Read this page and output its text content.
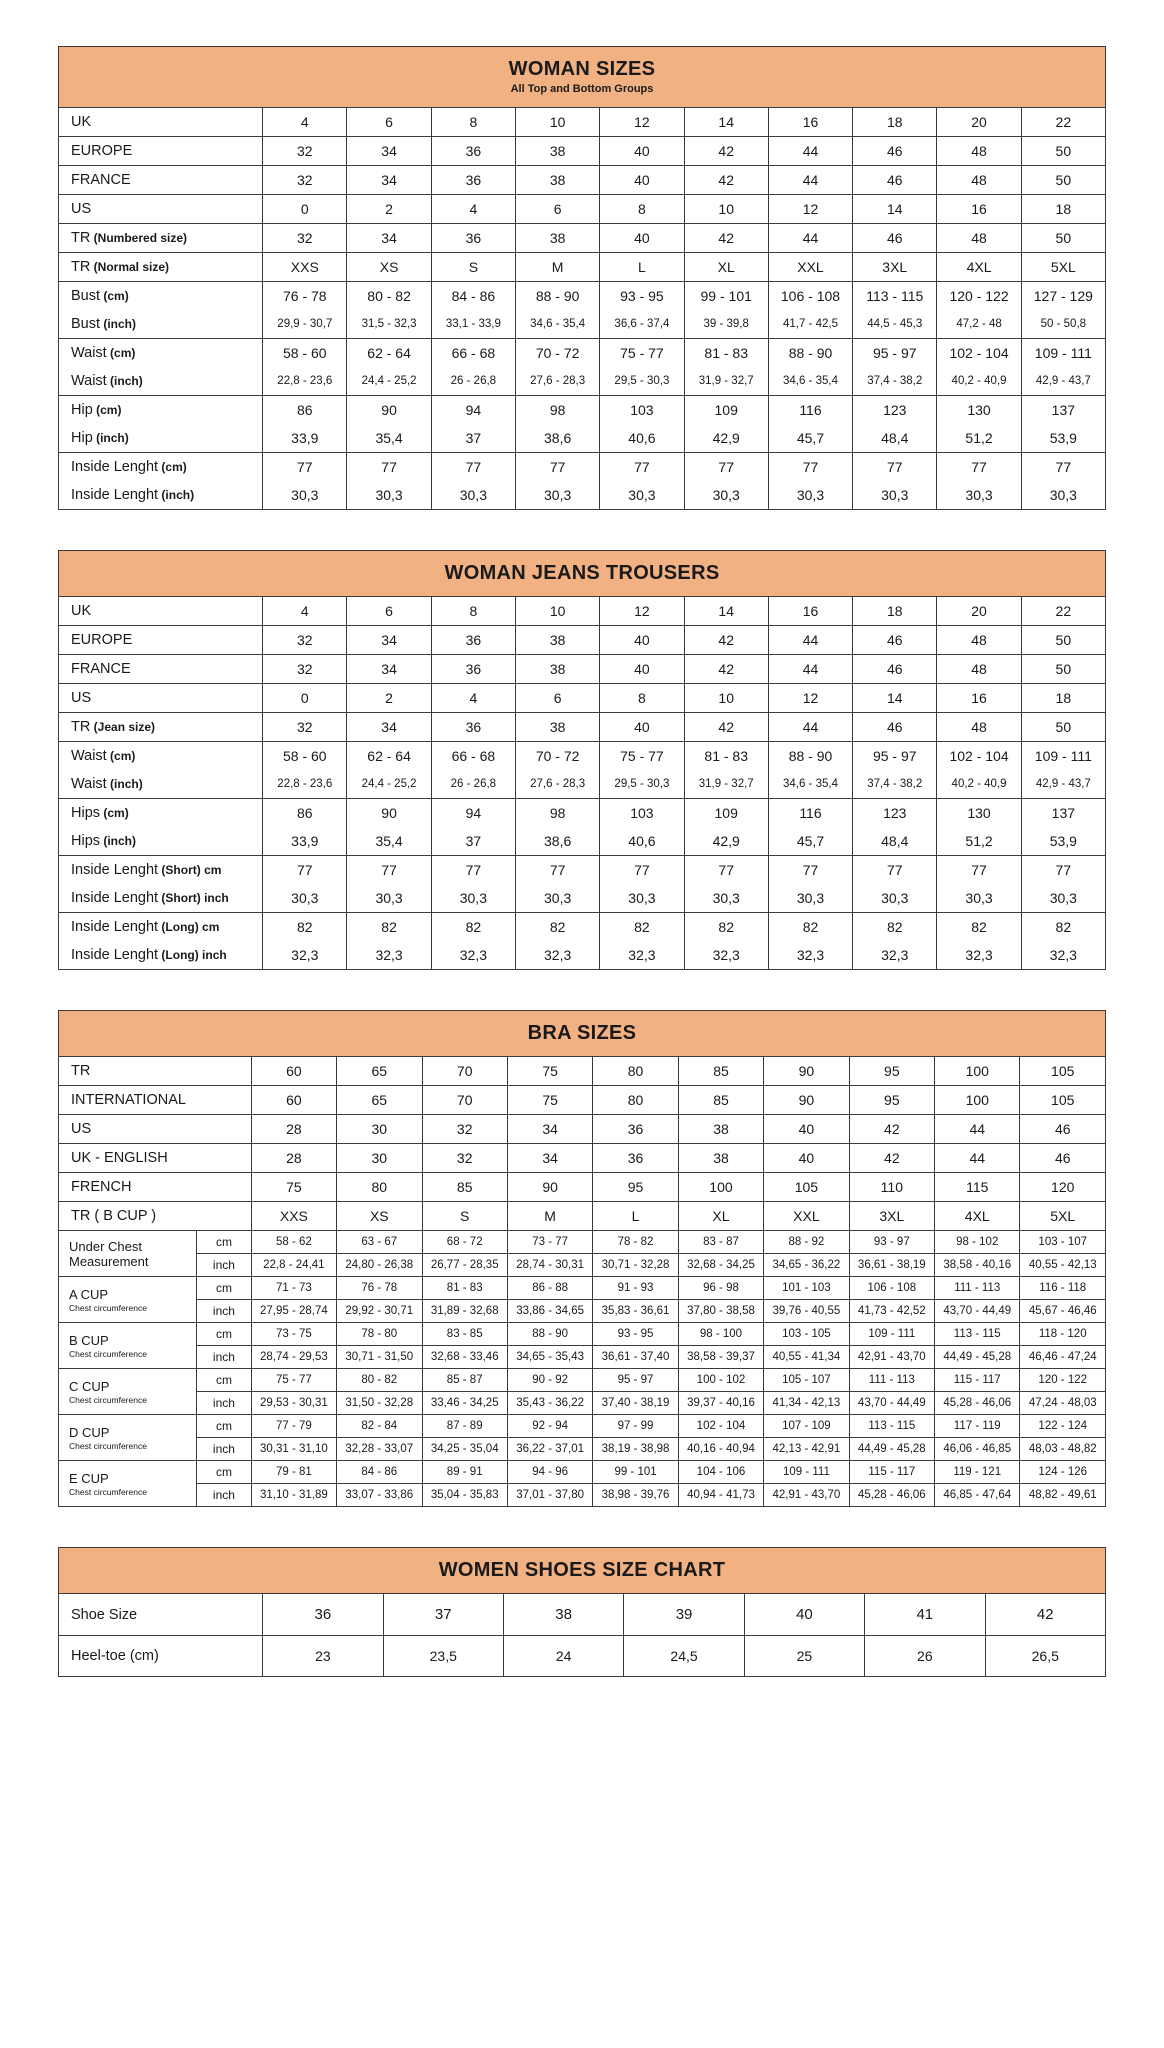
WOMAN SIZES
All Top and Bottom Groups										

UK	4	6	8	10	12	14	16	18	20	22
EUROPE	32	34	36	38	40	42	44	46	48	50
FRANCE	32	34	36	38	40	42	44	46	48	50
US	0	2	4	6	8	10	12	14	16	18
TR (Numbered size)	32	34	36	38	40	42	44	46	48	50
TR (Normal size)	XXS	XS	S	M	L	XL	XXL	3XL	4XL	5XL
Bust (cm)	76 - 78	80 - 82	84 - 86	88 - 90	93 - 95	99 - 101	106 - 108	113 - 115	120 - 122	127 - 129
Bust (inch)	29,9 - 30,7	31,5 - 32,3	33,1 - 33,9	34,6 - 35,4	36,6 - 37,4	39 - 39,8	41,7 - 42,5	44,5 - 45,3	47,2 - 48	50 - 50,8
Waist (cm)	58 - 60	62 - 64	66 - 68	70 - 72	75 - 77	81 - 83	88 - 90	95 - 97	102 - 104	109 - 111
Waist (inch)	22,8 - 23,6	24,4 - 25,2	26 - 26,8	27,6 - 28,3	29,5 - 30,3	31,9 - 32,7	34,6 - 35,4	37,4 - 38,2	40,2 - 40,9	42,9 - 43,7
Hip (cm)	86	90	94	98	103	109	116	123	130	137
Hip (inch)	33,9	35,4	37	38,6	40,6	42,9	45,7	48,4	51,2	53,9
Inside Lenght (cm)	77	77	77	77	77	77	77	77	77	77
Inside Lenght (inch)	30,3	30,3	30,3	30,3	30,3	30,3	30,3	30,3	30,3	30,3
WOMAN JEANS TROUSERS										

UK	4	6	8	10	12	14	16	18	20	22
EUROPE	32	34	36	38	40	42	44	46	48	50
FRANCE	32	34	36	38	40	42	44	46	48	50
US	0	2	4	6	8	10	12	14	16	18
TR (Jean size)	32	34	36	38	40	42	44	46	48	50
Waist (cm)	58 - 60	62 - 64	66 - 68	70 - 72	75 - 77	81 - 83	88 - 90	95 - 97	102 - 104	109 - 111
Waist (inch)	22,8 - 23,6	24,4 - 25,2	26 - 26,8	27,6 - 28,3	29,5 - 30,3	31,9 - 32,7	34,6 - 35,4	37,4 - 38,2	40,2 - 40,9	42,9 - 43,7
Hips (cm)	86	90	94	98	103	109	116	123	130	137
Hips (inch)	33,9	35,4	37	38,6	40,6	42,9	45,7	48,4	51,2	53,9
Inside Lenght (Short) cm	77	77	77	77	77	77	77	77	77	77
Inside Lenght (Short) inch	30,3	30,3	30,3	30,3	30,3	30,3	30,3	30,3	30,3	30,3
Inside Lenght (Long) cm	82	82	82	82	82	82	82	82	82	82
Inside Lenght (Long) inch	32,3	32,3	32,3	32,3	32,3	32,3	32,3	32,3	32,3	32,3
BRA SIZES											

TR		60	65	70	75	80	85	90	95	100	105
INTERNATIONAL		60	65	70	75	80	85	90	95	100	105
US		28	30	32	34	36	38	40	42	44	46
UK - ENGLISH		28	30	32	34	36	38	40	42	44	46
FRENCH		75	80	85	90	95	100	105	110	115	120
TR ( B CUP )		XXS	XS	S	M	L	XL	XXL	3XL	4XL	5XL
Under Chest
Measurement	cm	58 - 62	63 - 67	68 - 72	73 - 77	78 - 82	83 - 87	88 - 92	93 - 97	98 - 102	103 - 107
	inch	22,8 - 24,41	24,80 - 26,38	26,77 - 28,35	28,74 - 30,31	30,71 - 32,28	32,68 - 34,25	34,65 - 36,22	36,61 - 38,19	38,58 - 40,16	40,55 - 42,13
A CUP
Chest circumference	cm	71 - 73	76 - 78	81 - 83	86 - 88	91 - 93	96 - 98	101 - 103	106 - 108	111 - 113	116 - 118
	inch	27,95 - 28,74	29,92 - 30,71	31,89 - 32,68	33,86 - 34,65	35,83 - 36,61	37,80 - 38,58	39,76 - 40,55	41,73 - 42,52	43,70 - 44,49	45,67 - 46,46
B CUP
Chest circumference	cm	73 - 75	78 - 80	83 - 85	88 - 90	93 - 95	98 - 100	103 - 105	109 - 111	113 - 115	118 - 120
	inch	28,74 - 29,53	30,71 - 31,50	32,68 - 33,46	34,65 - 35,43	36,61 - 37,40	38,58 - 39,37	40,55 - 41,34	42,91 - 43,70	44,49 - 45,28	46,46 - 47,24
C CUP
Chest circumference	cm	75 - 77	80 - 82	85 - 87	90 - 92	95 - 97	100 - 102	105 - 107	111 - 113	115 - 117	120 - 122
	inch	29,53 - 30,31	31,50 - 32,28	33,46 - 34,25	35,43 - 36,22	37,40 - 38,19	39,37 - 40,16	41,34 - 42,13	43,70 - 44,49	45,28 - 46,06	47,24 - 48,03
D CUP
Chest circumference	cm	77 - 79	82 - 84	87 - 89	92 - 94	97 - 99	102 - 104	107 - 109	113 - 115	117 - 119	122 - 124
	inch	30,31 - 31,10	32,28 - 33,07	34,25 - 35,04	36,22 - 37,01	38,19 - 38,98	40,16 - 40,94	42,13 - 42,91	44,49 - 45,28	46,06 - 46,85	48,03 - 48,82
E CUP
Chest circumference	cm	79 - 81	84 - 86	89 - 91	94 - 96	99 - 101	104 - 106	109 - 111	115 - 117	119 - 121	124 - 126
	inch	31,10 - 31,89	33,07 - 33,86	35,04 - 35,83	37,01 - 37,80	38,98 - 39,76	40,94 - 41,73	42,91 - 43,70	45,28 - 46,06	46,85 - 47,64	48,82 - 49,61
WOMEN SHOES SIZE CHART							

Shoe Size	36	37	38	39	40	41	42
Heel-toe (cm)	23	23,5	24	24,5	25	26	26,5
